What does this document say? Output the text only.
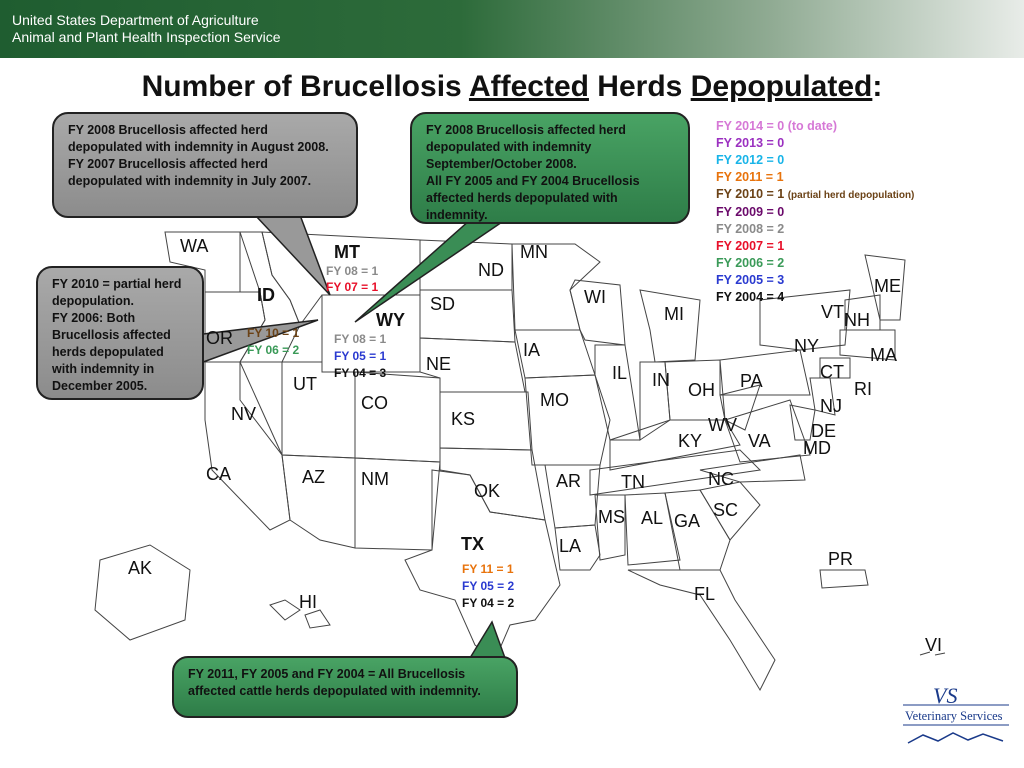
United States Department of Agriculture
Animal and Plant Health Inspection Service
Number of Brucellosis Affected Herds Depopulated:
WA
OR
CA
NV
ID
MT
WY
UT
AZ
CO
NM
ND
SD
NE
KS
OK
TX
MN
IA
MO
AR
LA
WI
IL
MI
IN OH
KY
TN
MS AL GA
FL
SC
NC
VA
WV
PA
NY
VT NH
ME
MA
CT
RI
NJ
DE
MD
AK
HI
PR
VI
FY 08 = 1
FY 07 = 1
FY 08 = 1
FY 05 = 1
FY 04 = 3
FY 10 = 1
FY 06 = 2
FY 11 = 1
FY 05 = 2
FY 04 = 2
FY 2014 = 0 (to date)
FY 2013 = 0
FY 2012 = 0
FY 2011 = 1
FY 2010 = 1 (partial herd depopulation)
FY 2009 = 0
FY 2008 = 2
FY 2007 = 1
FY 2006 = 2
FY 2005 = 3
FY 2004 = 4
FY 2008 Brucellosis affected herd depopulated with indemnity in August 2008.
FY 2007 Brucellosis affected herd depopulated with indemnity in July 2007.
FY 2008 Brucellosis affected herd depopulated with indemnity September/October 2008.
All FY 2005 and FY 2004 Brucellosis affected herds depopulated with indemnity.
FY 2010 = partial herd depopulation.
FY 2006: Both Brucellosis affected herds depopulated with indemnity in December 2005.
FY 2011, FY 2005 and FY 2004 = All Brucellosis affected cattle herds depopulated with indemnity.	VS
Veterinary Services
